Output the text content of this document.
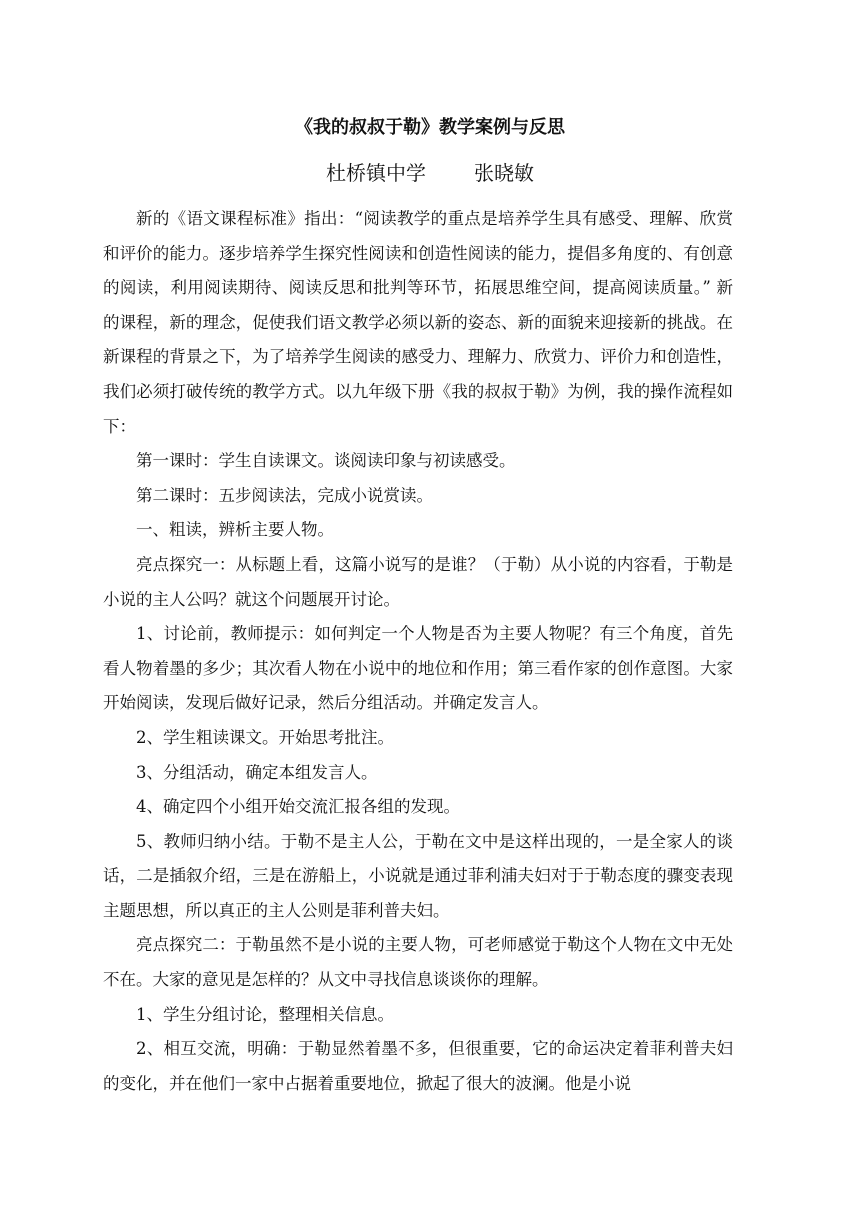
《我的叔叔于勒》教学案例与反思
杜桥镇中学 张晓敏

新的《语文课程标准》指出：“阅读教学的重点是培养学生具有感受、理解、欣赏和评价的能力。逐步培养学生探究性阅读和创造性阅读的能力，提倡多角度的、有创意的阅读，利用阅读期待、阅读反思和批判等环节，拓展思维空间，提高阅读质量。” 新的课程，新的理念，促使我们语文教学必须以新的姿态、新的面貌来迎接新的挑战。在新课程的背景之下，为了培养学生阅读的感受力、理解力、欣赏力、评价力和创造性，我们必须打破传统的教学方式。以九年级下册《我的叔叔于勒》为例，我的操作流程如下：

第一课时：学生自读课文。谈阅读印象与初读感受。

第二课时：五步阅读法，完成小说赏读。

一、粗读，辨析主要人物。

亮点探究一：从标题上看，这篇小说写的是谁？（于勒）从小说的内容看，于勒是小说的主人公吗？就这个问题展开讨论。

1、讨论前，教师提示：如何判定一个人物是否为主要人物呢？有三个角度，首先看人物着墨的多少；其次看人物在小说中的地位和作用；第三看作家的创作意图。大家开始阅读，发现后做好记录，然后分组活动。并确定发言人。

2、学生粗读课文。开始思考批注。

3、分组活动，确定本组发言人。

4、确定四个小组开始交流汇报各组的发现。

5、教师归纳小结。于勒不是主人公，于勒在文中是这样出现的，一是全家人的谈话，二是插叙介绍，三是在游船上，小说就是通过菲利浦夫妇对于于勒态度的骤变表现主题思想，所以真正的主人公则是菲利普夫妇。

亮点探究二：于勒虽然不是小说的主要人物，可老师感觉于勒这个人物在文中无处不在。大家的意见是怎样的？从文中寻找信息谈谈你的理解。

1、学生分组讨论，整理相关信息。

2、相互交流，明确：于勒显然着墨不多，但很重要，它的命运决定着菲利普夫妇的变化，并在他们一家中占据着重要地位，掀起了很大的波澜。他是小说
